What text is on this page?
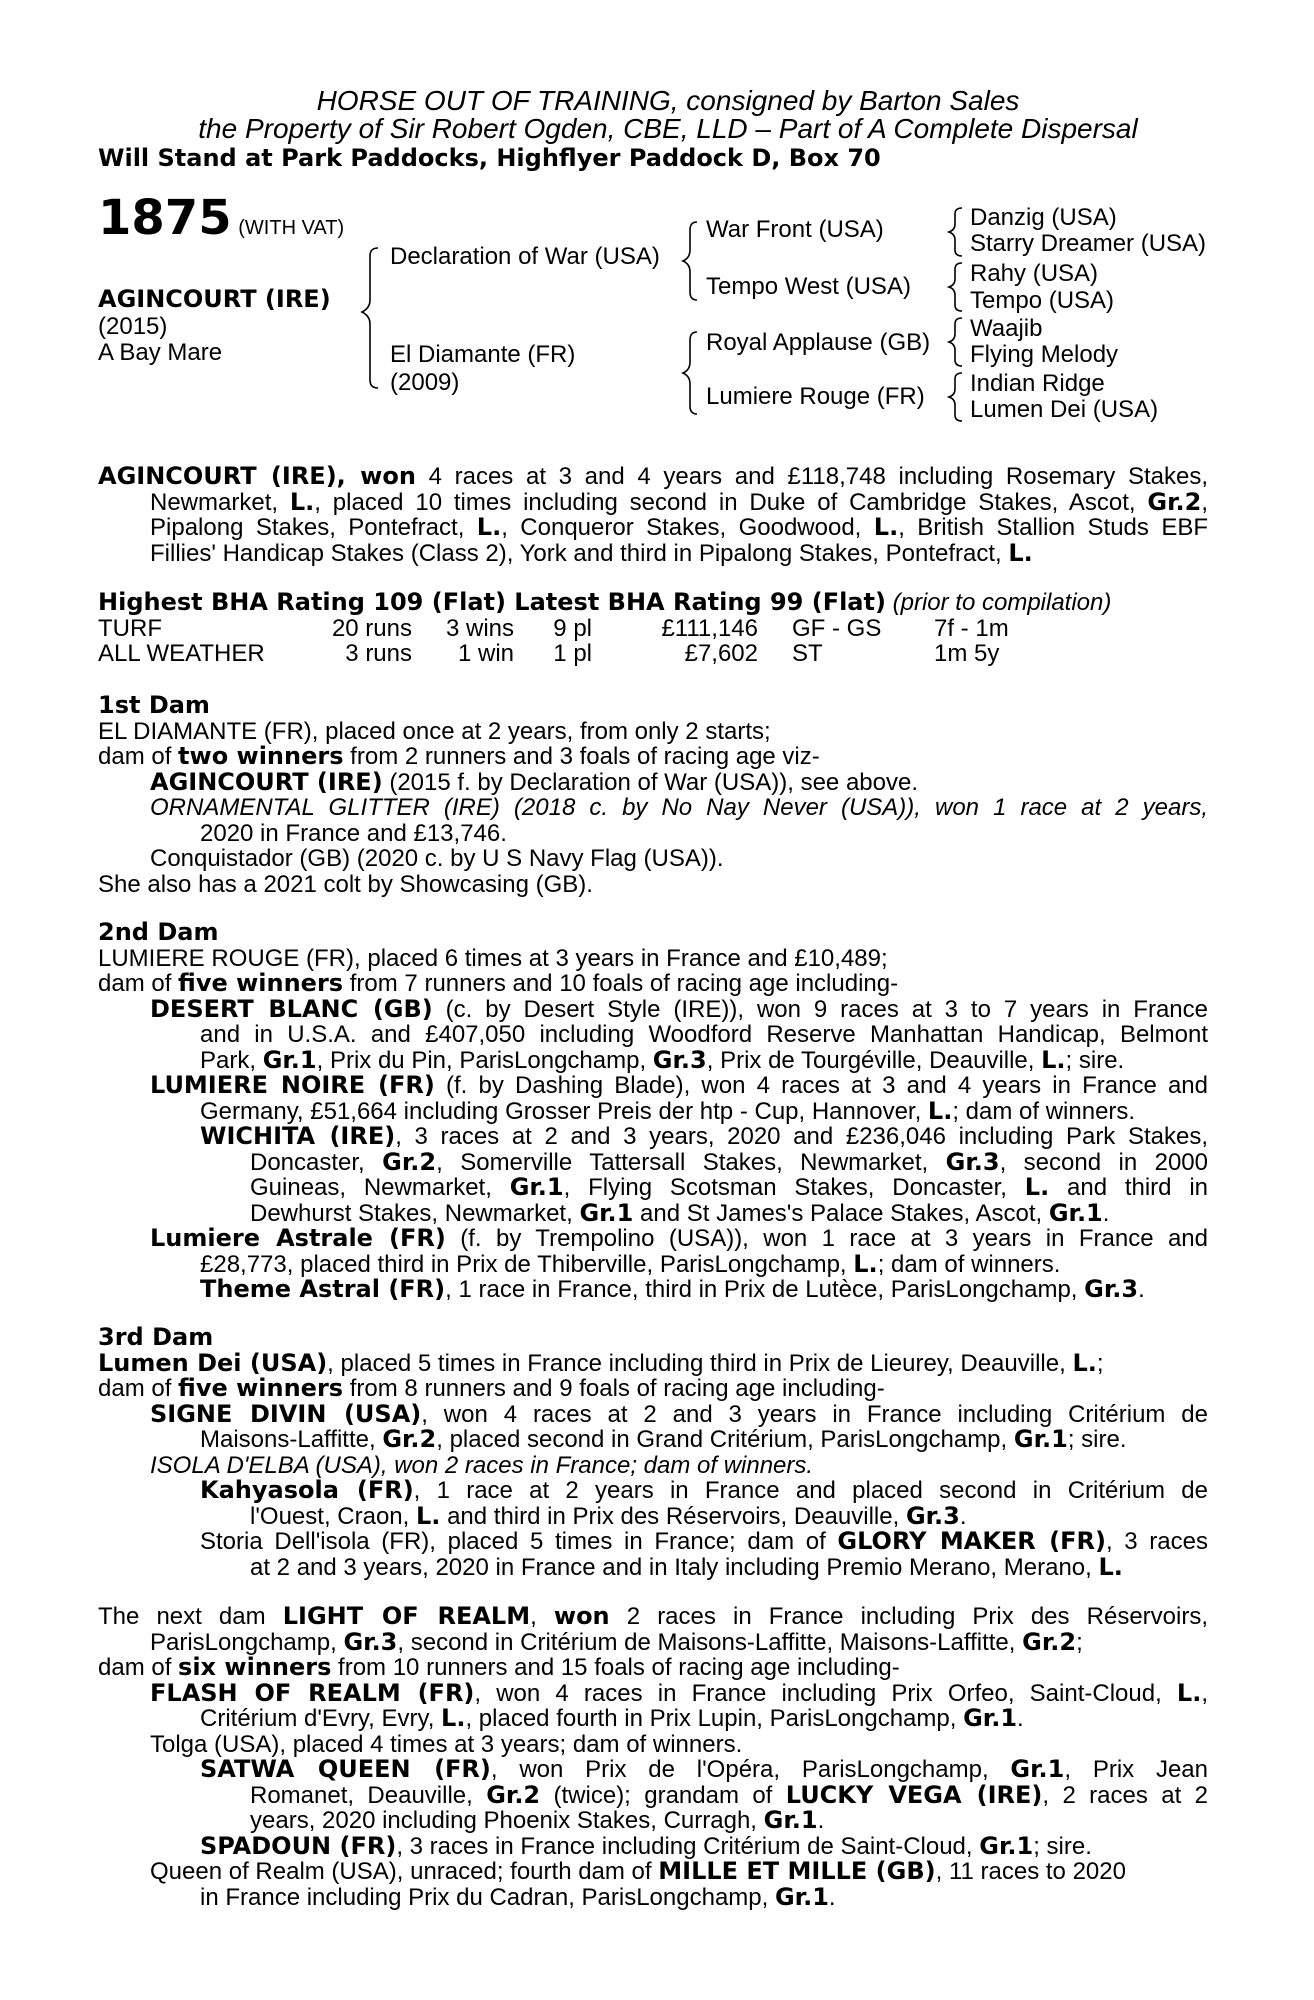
HORSE OUT OF TRAINING, consigned by Barton Sales
the Property of Sir Robert Ogden, CBE, LLD – Part of A Complete Dispersal
Will Stand at Park Paddocks, Highflyer Paddock D, Box 70
1875 (WITH VAT)
AGINCOURT (IRE)
(2015)
A Bay Mare
Declaration of War (USA)
El Diamante (FR)
(2009)
War Front (USA)
Tempo West (USA)
Royal Applause (GB)
Lumiere Rouge (FR)
Danzig (USA)
Starry Dreamer (USA)
Rahy (USA)
Tempo (USA)
Waajib
Flying Melody
Indian Ridge
Lumen Dei (USA)
AGINCOURT (IRE), won 4 races at 3 and 4 years and £118,748 including Rosemary Stakes,
Newmarket, L., placed 10 times including second in Duke of Cambridge Stakes, Ascot, Gr.2,
Pipalong Stakes, Pontefract, L., Conqueror Stakes, Goodwood, L., British Stallion Studs EBF
Fillies' Handicap Stakes (Class 2), York and third in Pipalong Stakes, Pontefract, L.
Highest BHA Rating 109 (Flat) Latest BHA Rating 99 (Flat) (prior to compilation)
TURF	20 runs	3 wins	9 pl	£111,146	GF - GS	7f - 1m
ALL WEATHER	3 runs	1 win	1 pl	£7,602	ST	1m 5y
1st Dam
EL DIAMANTE (FR), placed once at 2 years, from only 2 starts;
dam of two winners from 2 runners and 3 foals of racing age viz-
AGINCOURT (IRE) (2015 f. by Declaration of War (USA)), see above.
ORNAMENTAL GLITTER (IRE) (2018 c. by No Nay Never (USA)), won 1 race at 2 years,
2020 in France and £13,746.
Conquistador (GB) (2020 c. by U S Navy Flag (USA)).
She also has a 2021 colt by Showcasing (GB).
2nd Dam
LUMIERE ROUGE (FR), placed 6 times at 3 years in France and £10,489;
dam of five winners from 7 runners and 10 foals of racing age including-
DESERT BLANC (GB) (c. by Desert Style (IRE)), won 9 races at 3 to 7 years in France
and in U.S.A. and £407,050 including Woodford Reserve Manhattan Handicap, Belmont
Park, Gr.1, Prix du Pin, ParisLongchamp, Gr.3, Prix de Tourgéville, Deauville, L.; sire.
LUMIERE NOIRE (FR) (f. by Dashing Blade), won 4 races at 3 and 4 years in France and
Germany, £51,664 including Grosser Preis der htp - Cup, Hannover, L.; dam of winners.
WICHITA (IRE), 3 races at 2 and 3 years, 2020 and £236,046 including Park Stakes,
Doncaster, Gr.2, Somerville Tattersall Stakes, Newmarket, Gr.3, second in 2000
Guineas, Newmarket, Gr.1, Flying Scotsman Stakes, Doncaster, L. and third in
Dewhurst Stakes, Newmarket, Gr.1 and St James's Palace Stakes, Ascot, Gr.1.
Lumiere Astrale (FR) (f. by Trempolino (USA)), won 1 race at 3 years in France and
£28,773, placed third in Prix de Thiberville, ParisLongchamp, L.; dam of winners.
Theme Astral (FR), 1 race in France, third in Prix de Lutèce, ParisLongchamp, Gr.3.
3rd Dam
Lumen Dei (USA), placed 5 times in France including third in Prix de Lieurey, Deauville, L.;
dam of five winners from 8 runners and 9 foals of racing age including-
SIGNE DIVIN (USA), won 4 races at 2 and 3 years in France including Critérium de
Maisons-Laffitte, Gr.2, placed second in Grand Critérium, ParisLongchamp, Gr.1; sire.
ISOLA D'ELBA (USA), won 2 races in France; dam of winners.
Kahyasola (FR), 1 race at 2 years in France and placed second in Critérium de
l'Ouest, Craon, L. and third in Prix des Réservoirs, Deauville, Gr.3.
Storia Dell'isola (FR), placed 5 times in France; dam of GLORY MAKER (FR), 3 races
at 2 and 3 years, 2020 in France and in Italy including Premio Merano, Merano, L.
The next dam LIGHT OF REALM, won 2 races in France including Prix des Réservoirs,
ParisLongchamp, Gr.3, second in Critérium de Maisons-Laffitte, Maisons-Laffitte, Gr.2;
dam of six winners from 10 runners and 15 foals of racing age including-
FLASH OF REALM (FR), won 4 races in France including Prix Orfeo, Saint-Cloud, L.,
Critérium d'Evry, Evry, L., placed fourth in Prix Lupin, ParisLongchamp, Gr.1.
Tolga (USA), placed 4 times at 3 years; dam of winners.
SATWA QUEEN (FR), won Prix de l'Opéra, ParisLongchamp, Gr.1, Prix Jean
Romanet, Deauville, Gr.2 (twice); grandam of LUCKY VEGA (IRE), 2 races at 2
years, 2020 including Phoenix Stakes, Curragh, Gr.1.
SPADOUN (FR), 3 races in France including Critérium de Saint-Cloud, Gr.1; sire.
Queen of Realm (USA), unraced; fourth dam of MILLE ET MILLE (GB), 11 races to 2020
in France including Prix du Cadran, ParisLongchamp, Gr.1.
